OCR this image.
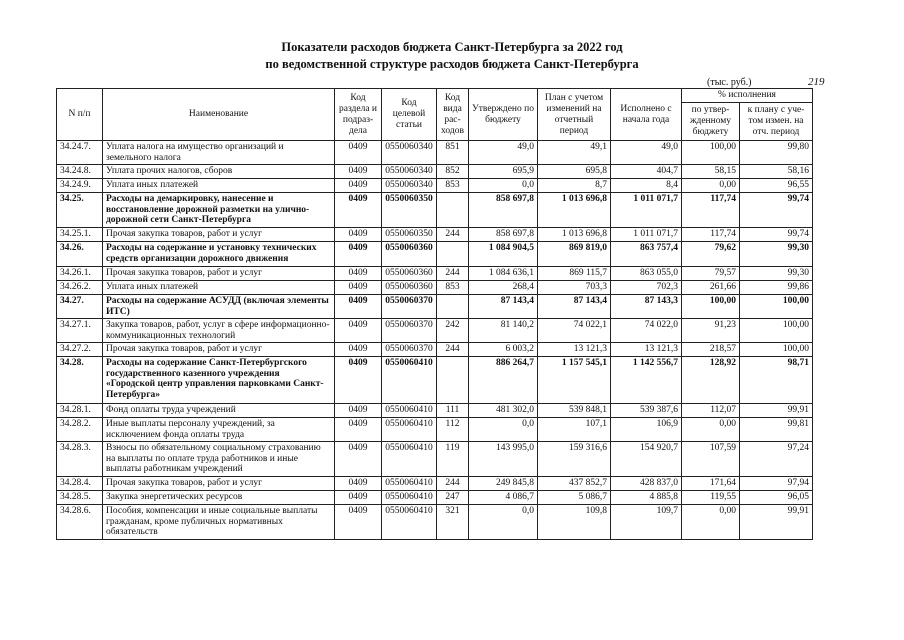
Показатели расходов бюджета Санкт-Петербурга за 2022 год
по ведомственной структуре расходов бюджета Санкт-Петербурга
(тыс. руб.)	219
N п/п	Наименование	Код раздела и подраз-дела	Код целевой статьи	Код вида рас-ходов	Утверждено по бюджету	План с учетом изменений на отчетный период	Исполнено с начала года	% исполнения	
								по утвер-жденному бюджету	к плану с уче-том измен. на отч. период
34.24.7.	Уплата налога на имущество организаций и земельного налога	0409	0550060340	851	49,0	49,1	49,0	100,00	99,80
34.24.8.	Уплата прочих налогов, сборов	0409	0550060340	852	695,9	695,8	404,7	58,15	58,16
34.24.9.	Уплата иных платежей	0409	0550060340	853	0,0	8,7	8,4	0,00	96,55
34.25.	Расходы на демаркировку, нанесение и восстановление дорожной разметки на улично-дорожной сети Санкт-Петербурга	0409	0550060350		858 697,8	1 013 696,8	1 011 071,7	117,74	99,74
34.25.1.	Прочая закупка товаров, работ и услуг	0409	0550060350	244	858 697,8	1 013 696,8	1 011 071,7	117,74	99,74
34.26.	Расходы на содержание и установку технических средств организации дорожного движения	0409	0550060360		1 084 904,5	869 819,0	863 757,4	79,62	99,30
34.26.1.	Прочая закупка товаров, работ и услуг	0409	0550060360	244	1 084 636,1	869 115,7	863 055,0	79,57	99,30
34.26.2.	Уплата иных платежей	0409	0550060360	853	268,4	703,3	702,3	261,66	99,86
34.27.	Расходы на содержание АСУДД (включая элементы ИТС)	0409	0550060370		87 143,4	87 143,4	87 143,3	100,00	100,00
34.27.1.	Закупка товаров, работ, услуг в сфере информационно-коммуникационных технологий	0409	0550060370	242	81 140,2	74 022,1	74 022,0	91,23	100,00
34.27.2.	Прочая закупка товаров, работ и услуг	0409	0550060370	244	6 003,2	13 121,3	13 121,3	218,57	100,00
34.28.	Расходы на содержание Санкт-Петербургского государственного казенного учреждения «Городской центр управления парковками Санкт-Петербурга»	0409	0550060410		886 264,7	1 157 545,1	1 142 556,7	128,92	98,71
34.28.1.	Фонд оплаты труда учреждений	0409	0550060410	111	481 302,0	539 848,1	539 387,6	112,07	99,91
34.28.2.	Иные выплаты персоналу учреждений, за исключением фонда оплаты труда	0409	0550060410	112	0,0	107,1	106,9	0,00	99,81
34.28.3.	Взносы по обязательному социальному страхованию на выплаты по оплате труда работников и иные выплаты работникам учреждений	0409	0550060410	119	143 995,0	159 316,6	154 920,7	107,59	97,24
34.28.4.	Прочая закупка товаров, работ и услуг	0409	0550060410	244	249 845,8	437 852,7	428 837,0	171,64	97,94
34.28.5.	Закупка энергетических ресурсов	0409	0550060410	247	4 086,7	5 086,7	4 885,8	119,55	96,05
34.28.6.	Пособия, компенсации и иные социальные выплаты гражданам, кроме публичных нормативных обязательств	0409	0550060410	321	0,0	109,8	109,7	0,00	99,91
